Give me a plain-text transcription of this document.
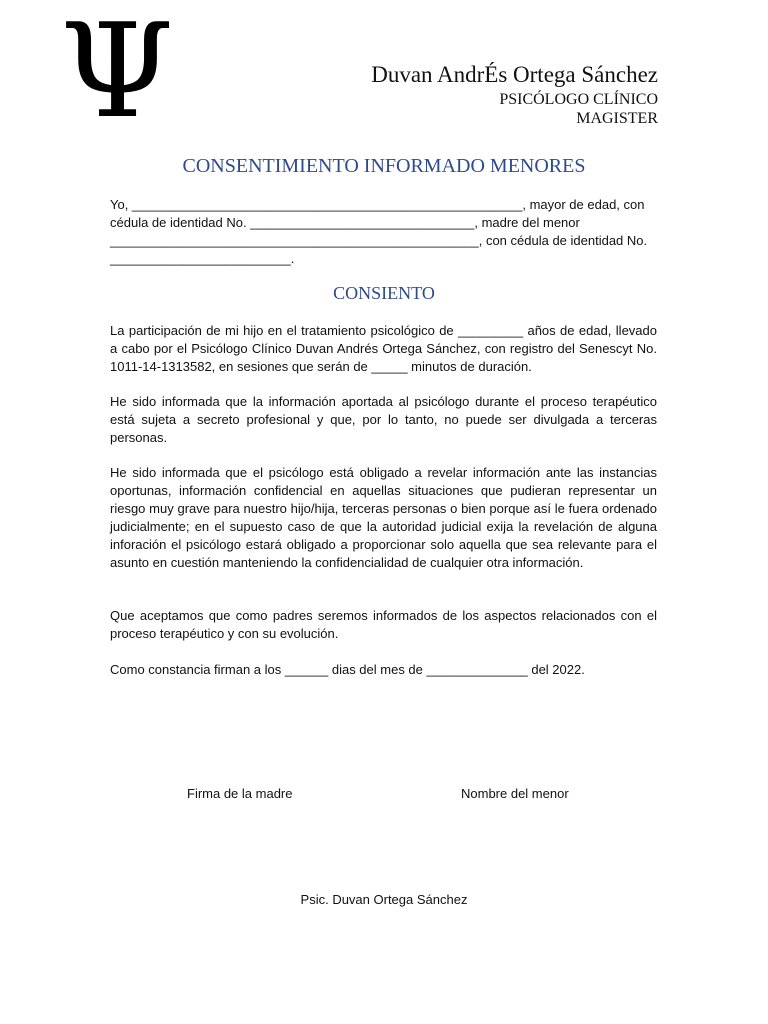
Ψ	Duvan AndrÉs Ortega Sánchez
PSICÓLOGO CLÍNICO
MAGISTER
CONSENTIMIENTO INFORMADO MENORES

Yo, ______________________________________________________, mayor de edad, con cédula de identidad No. _______________________________, madre del menor ___________________________________________________, con cédula de identidad No. _________________________.

CONSIENTO

La participación de mi hijo en el tratamiento psicológico de _________ años de edad, llevado a cabo por el Psicólogo Clínico Duvan Andrés Ortega Sánchez, con registro del Senescyt No. 1011-14-1313582, en sesiones que serán de _____ minutos de duración.

He sido informada que la información aportada al psicólogo durante el proceso terapéutico está sujeta a secreto profesional y que, por lo tanto, no puede ser divulgada a terceras personas.

He sido informada que el psicólogo está obligado a revelar información ante las instancias oportunas, información confidencial en aquellas situaciones que pudieran representar un riesgo muy grave para nuestro hijo/hija, terceras personas o bien porque así le fuera ordenado judicialmente; en el supuesto caso de que la autoridad judicial exija la revelación de alguna inforación el psicólogo estará obligado a proporcionar solo aquella que sea relevante para el asunto en cuestión manteniendo la confidencialidad de cualquier otra información.

Que aceptamos que como padres seremos informados de los aspectos relacionados con el proceso terapéutico y con su evolución.

Como constancia firman a los ______ dias del mes de ______________ del 2022.

Firma de la madre	Nombre del menor
Psic. Duvan Ortega Sánchez
